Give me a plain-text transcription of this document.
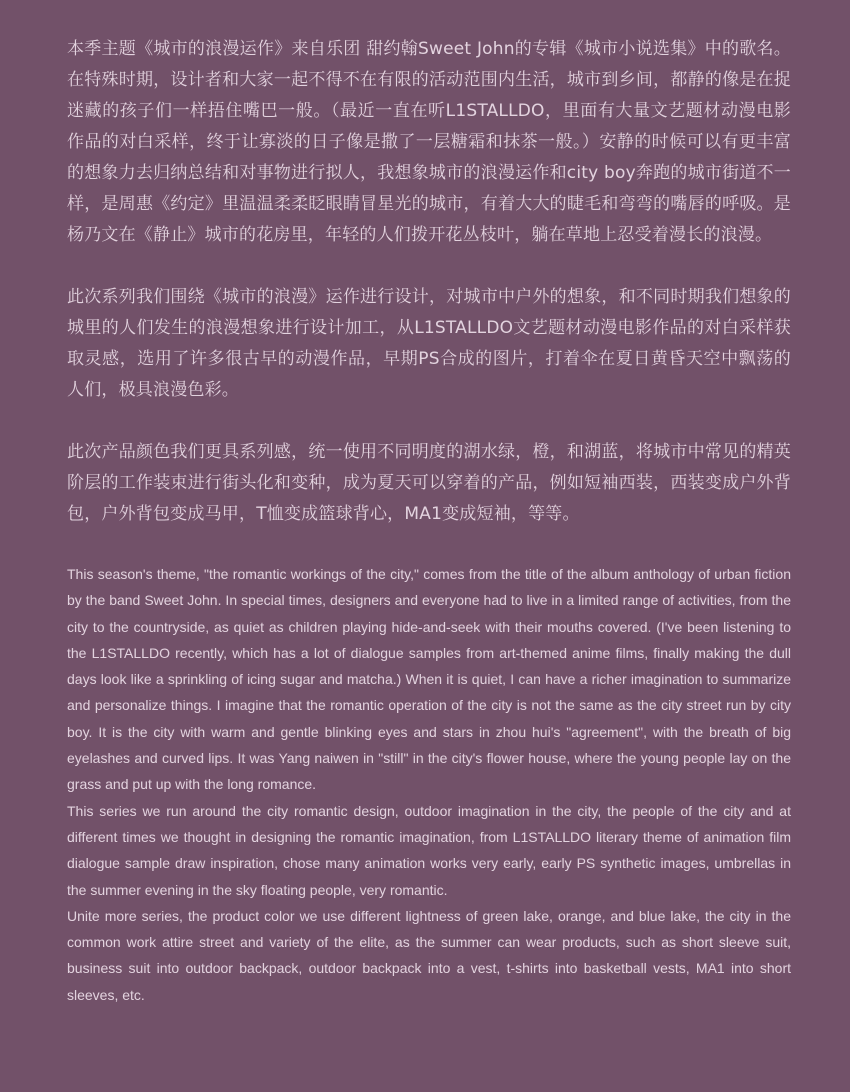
本季主题《城市的浪漫运作》来自乐团 甜约翰Sweet John的专辑《城市小说选集》中的歌名。在特殊时期，设计者和大家一起不得不在有限的活动范围内生活，城市到乡间，都静的像是在捉迷藏的孩子们一样捂住嘴巴一般。（最近一直在听L1STALLDO，里面有大量文艺题材动漫电影作品的对白采样，终于让寡淡的日子像是撒了一层糖霜和抹茶一般。）安静的时候可以有更丰富的想象力去归纳总结和对事物进行拟人，我想象城市的浪漫运作和city boy奔跑的城市街道不一样，是周惠《约定》里温温柔柔眨眼睛冒星光的城市，有着大大的睫毛和弯弯的嘴唇的呼吸。是杨乃文在《静止》城市的花房里，年轻的人们拨开花丛枝叶，躺在草地上忍受着漫长的浪漫。

此次系列我们围绕《城市的浪漫》运作进行设计，对城市中户外的想象，和不同时期我们想象的城里的人们发生的浪漫想象进行设计加工，从L1STALLDO文艺题材动漫电影作品的对白采样获取灵感，选用了许多很古早的动漫作品，早期PS合成的图片，打着伞在夏日黄昏天空中飘荡的人们，极具浪漫色彩。

此次产品颜色我们更具系列感，统一使用不同明度的湖水绿，橙，和湖蓝，将城市中常见的精英阶层的工作装束进行街头化和变种，成为夏天可以穿着的产品，例如短袖西装，西装变成户外背包，户外背包变成马甲，T恤变成篮球背心，MA1变成短袖，等等。

This season's theme, "the romantic workings of the city," comes from the title of the album anthology of urban fiction by the band Sweet John. In special times, designers and everyone had to live in a limited range of activities, from the city to the countryside, as quiet as children playing hide-and-seek with their mouths covered. (I've been listening to the L1STALLDO recently, which has a lot of dialogue samples from art-themed anime films, finally making the dull days look like a sprinkling of icing sugar and matcha.) When it is quiet, I can have a richer imagination to summarize and personalize things. I imagine that the romantic operation of the city is not the same as the city street run by city boy. It is the city with warm and gentle blinking eyes and stars in zhou hui's "agreement", with the breath of big eyelashes and curved lips. It was Yang naiwen in "still" in the city's flower house, where the young people lay on the grass and put up with the long romance.

This series we run around the city romantic design, outdoor imagination in the city, the people of the city and at different times we thought in designing the romantic imagination, from L1STALLDO literary theme of animation film dialogue sample draw inspiration, chose many animation works very early, early PS synthetic images, umbrellas in the summer evening in the sky floating people, very romantic.

Unite more series, the product color we use different lightness of green lake, orange, and blue lake, the city in the common work attire street and variety of the elite, as the summer can wear products, such as short sleeve suit, business suit into outdoor backpack, outdoor backpack into a vest, t-shirts into basketball vests, MA1 into short sleeves, etc.
